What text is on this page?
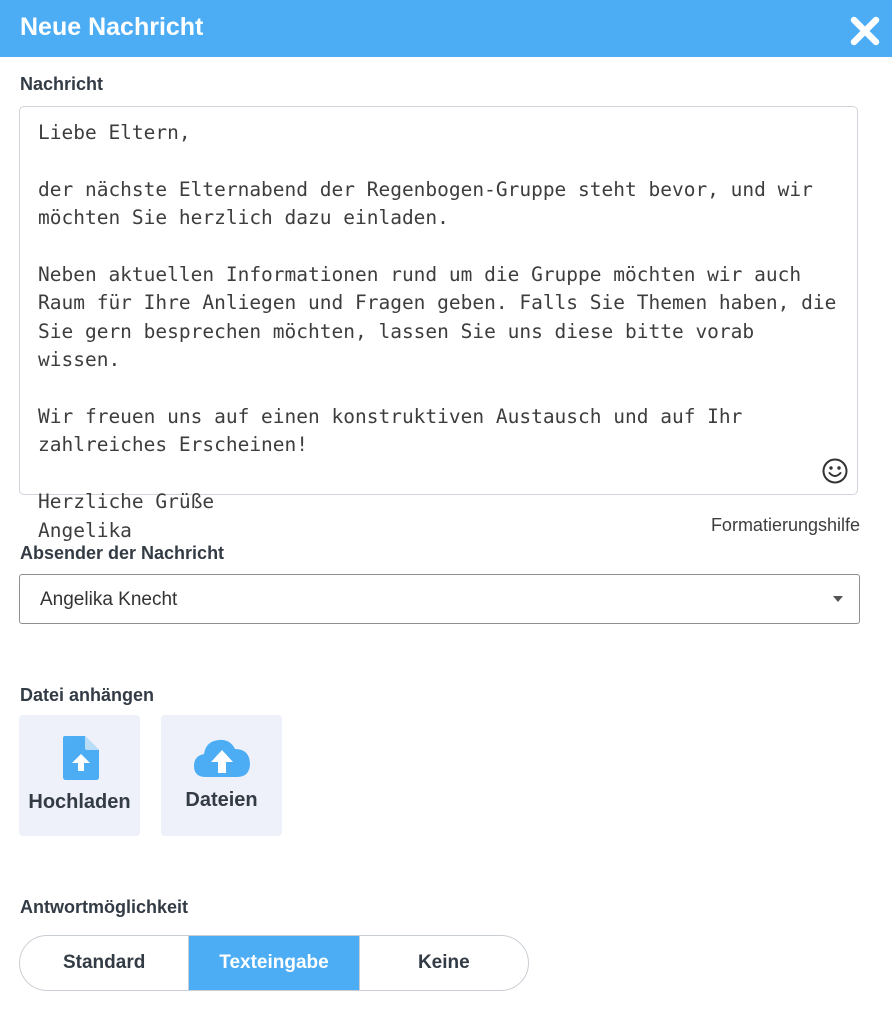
Neue Nachricht
Nachricht
Liebe Eltern,

der nächste Elternabend der Regenbogen-Gruppe steht bevor, und wir möchten Sie herzlich dazu einladen.

Neben aktuellen Informationen rund um die Gruppe möchten wir auch Raum für Ihre Anliegen und Fragen geben. Falls Sie Themen haben, die Sie gern besprechen möchten, lassen Sie uns diese bitte vorab wissen.

Wir freuen uns auf einen konstruktiven Austausch und auf Ihr zahlreiches Erscheinen!

Herzliche Grüße
Angelika	Formatierungshilfe
Absender der Nachricht
Angelika Knecht
Datei anhängen
Hochladen	Dateien
Antwortmöglichkeit
Standard	Texteingabe	Keine
